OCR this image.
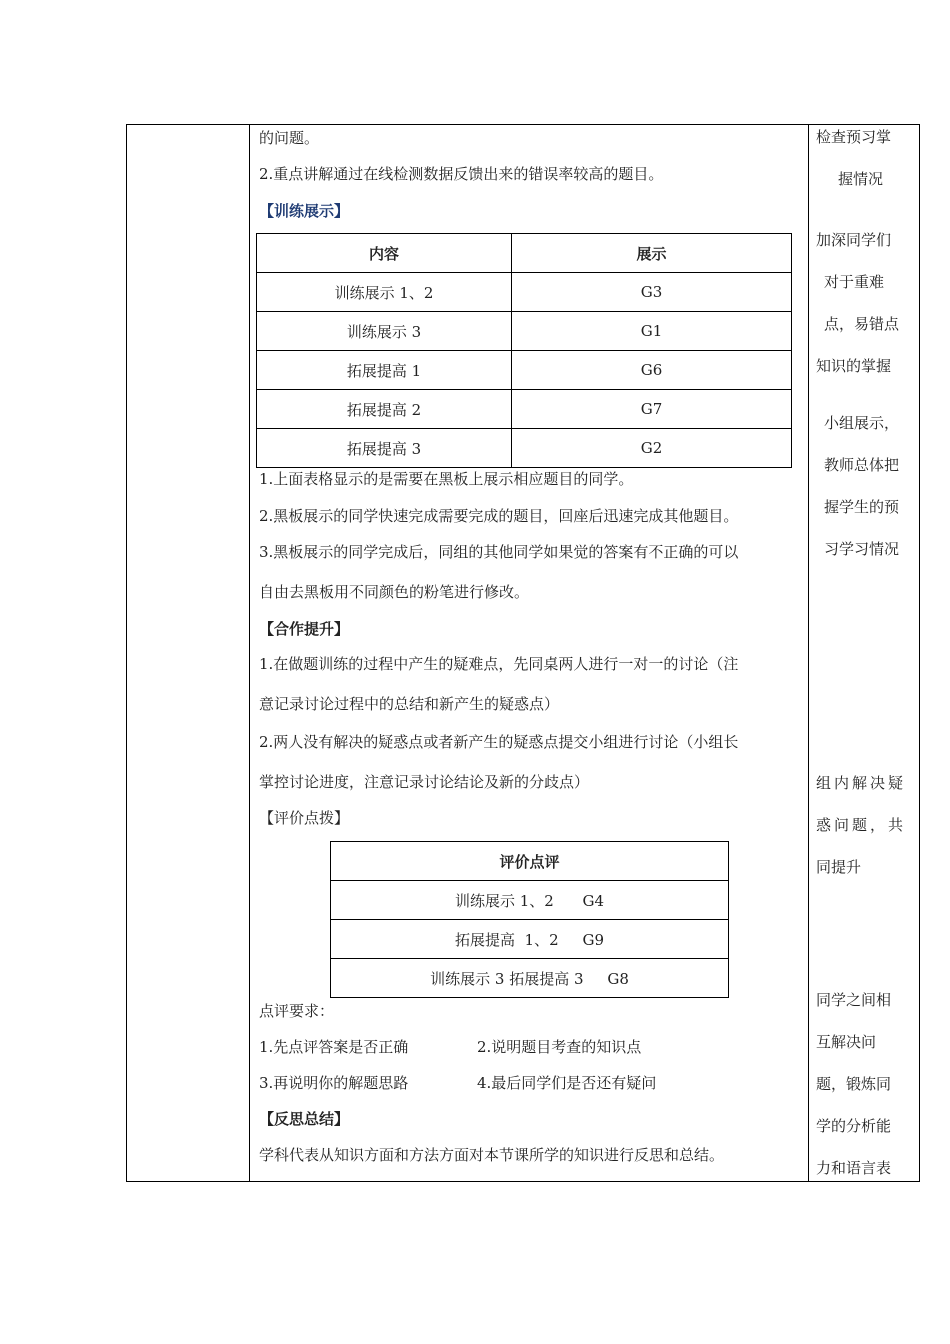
的问题。
2.重点讲解通过在线检测数据反馈出来的错误率较高的题目。
【训练展示】
内容	展示
训练展示 1、2	G3
训练展示 3	G1
拓展提高 1	G6
拓展提高 2	G7
拓展提高 3	G2
1.上面表格显示的是需要在黑板上展示相应题目的同学。
2.黑板展示的同学快速完成需要完成的题目，回座后迅速完成其他题目。
3.黑板展示的同学完成后，同组的其他同学如果觉的答案有不正确的可以
自由去黑板用不同颜色的粉笔进行修改。
【合作提升】
1.在做题训练的过程中产生的疑难点，先同桌两人进行一对一的讨论（注
意记录讨论过程中的总结和新产生的疑惑点）
2.两人没有解决的疑惑点或者新产生的疑惑点提交小组进行讨论（小组长
掌控讨论进度，注意记录讨论结论及新的分歧点）
【评价点拨】
评价点评
训练展示 1、2      G4
拓展提高  1、2     G9
训练展示 3 拓展提高 3     G8
点评要求：
1.先点评答案是否正确	2.说明题目考查的知识点
3.再说明你的解题思路	4.最后同学们是否还有疑问
【反思总结】
学科代表从知识方面和方法方面对本节课所学的知识进行反思和总结。
检查预习掌
握情况
加深同学们
对于重难
点，易错点
知识的掌握
小组展示，
教师总体把
握学生的预
习学习情况
组内解决疑
惑问题，共
同提升
同学之间相
互解决问
题，锻炼同
学的分析能
力和语言表
